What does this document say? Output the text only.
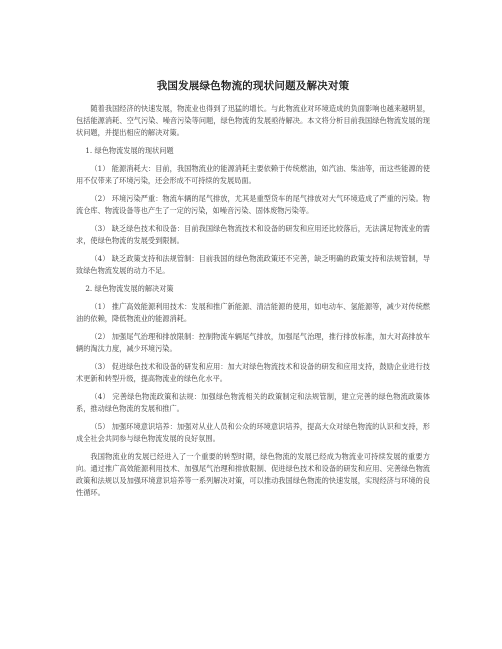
我国发展绿色物流的现状问题及解决对策

随着我国经济的快速发展，物流业也得到了迅猛的增长。与此物流业对环境造成的负面影响也越来越明显，包括能源消耗、空气污染、噪音污染等问题，绿色物流的发展亟待解决。本文将分析目前我国绿色物流发展的现状问题，并提出相应的解决对策。

1. 绿色物流发展的现状问题

（1） 能源消耗大：目前，我国物流业的能源消耗主要依赖于传统燃油，如汽油、柴油等，而这些能源的使用不仅带来了环境污染，还会形成不可持续的发展局面。

（2） 环境污染严重：物流车辆的尾气排放，尤其是重型货车的尾气排放对大气环境造成了严重的污染。物流仓库、物流设备等也产生了一定的污染，如噪音污染、固体废物污染等。

（3） 缺乏绿色技术和设备：目前我国绿色物流技术和设备的研发和应用还比较落后，无法满足物流业的需求，使绿色物流的发展受到限制。

（4） 缺乏政策支持和法规管制：目前我国的绿色物流政策还不完善，缺乏明确的政策支持和法规管制，导致绿色物流发展的动力不足。

2. 绿色物流发展的解决对策

（1） 推广高效能源利用技术：发展和推广新能源、清洁能源的使用，如电动车、氢能源等，减少对传统燃油的依赖，降低物流业的能源消耗。

（2） 加强尾气治理和排放限制：控制物流车辆尾气排放，加强尾气治理，推行排放标准，加大对高排放车辆的淘汰力度，减少环境污染。

（3） 促进绿色技术和设备的研发和应用：加大对绿色物流技术和设备的研发和应用支持，鼓励企业进行技术更新和转型升级，提高物流业的绿色化水平。

（4） 完善绿色物流政策和法规：加强绿色物流相关的政策制定和法规管制，建立完善的绿色物流政策体系，推动绿色物流的发展和推广。

（5） 加强环境意识培养：加强对从业人员和公众的环境意识培养，提高大众对绿色物流的认识和支持，形成全社会共同参与绿色物流发展的良好氛围。

我国物流业的发展已经进入了一个重要的转型时期，绿色物流的发展已经成为物流业可持续发展的重要方向。通过推广高效能源利用技术、加强尾气治理和排放限制、促进绿色技术和设备的研发和应用、完善绿色物流政策和法规以及加强环境意识培养等一系列解决对策，可以推动我国绿色物流的快速发展，实现经济与环境的良性循环。
